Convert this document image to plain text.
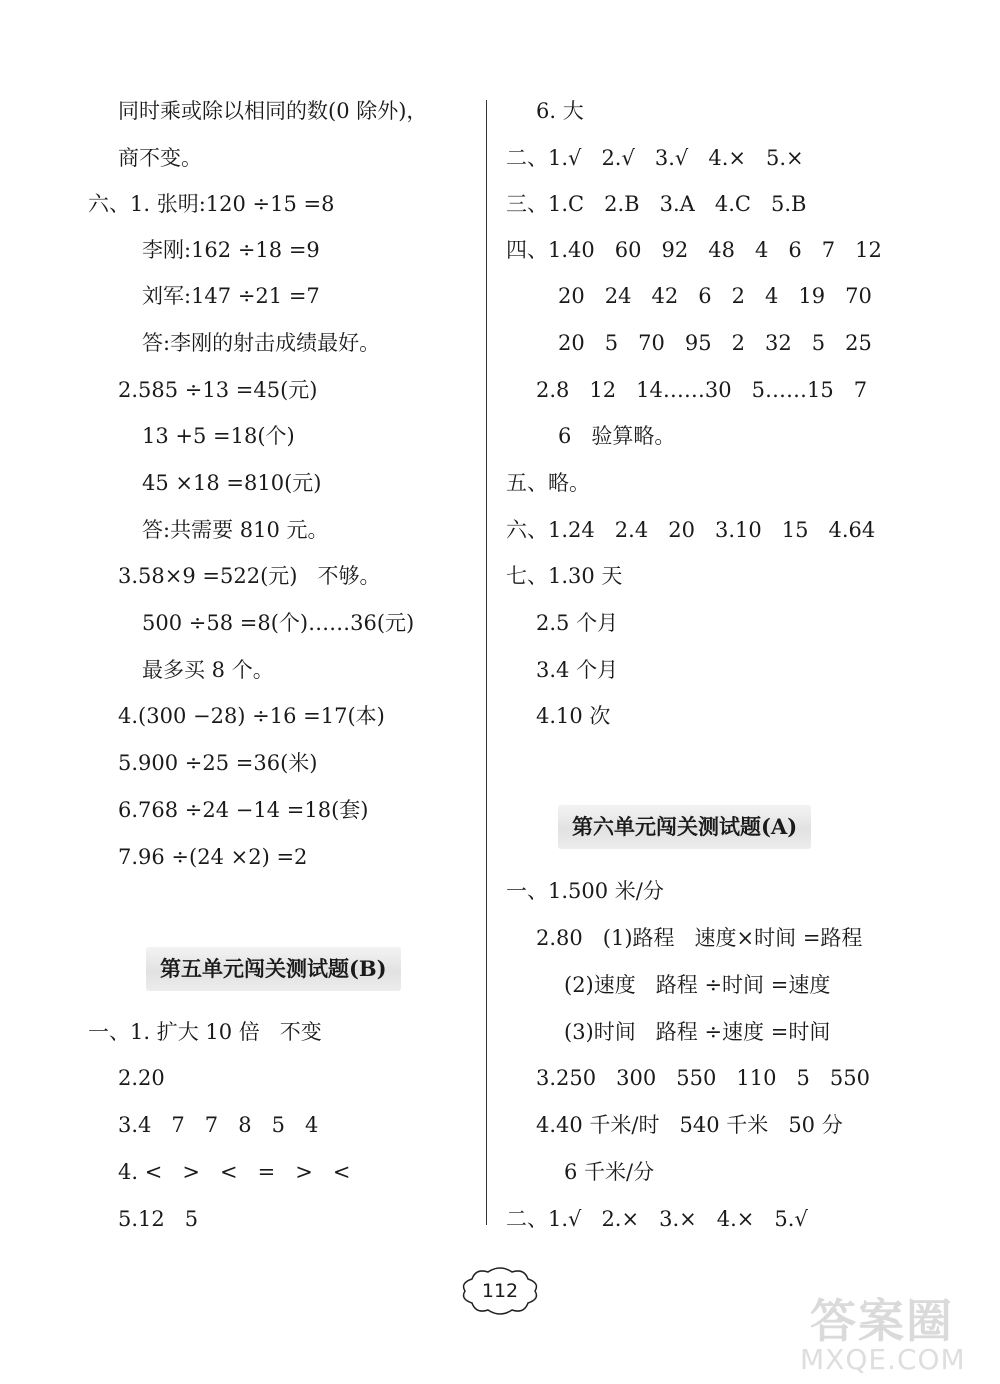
同时乘或除以相同的数(0 除外)，
商不变。
六、1. 张明:120 ÷15 =8
李刚:162 ÷18 =9
刘军:147 ÷21 =7
答:李刚的射击成绩最好。
2.585 ÷13 =45(元)
13 +5 =18(个)
45 ×18 =810(元)
答:共需要 810 元。
3.58×9 =522(元)   不够。
500 ÷58 =8(个)……36(元)
最多买 8 个。
4.(300 −28) ÷16 =17(本)
5.900 ÷25 =36(米)
6.768 ÷24 −14 =18(套)
7.96 ÷(24 ×2) =2
第五单元闯关测试题(B)
一、1. 扩大 10 倍   不变
2.20
3.4   7   7   8   5   4
4. <   >   <   =   >   <
5.12   5
6. 大
二、1.√   2.√   3.√   4.×   5.×
三、1.C   2.B   3.A   4.C   5.B
四、1.40   60   92   48   4   6   7   12
20   24   42   6   2   4   19   70
20   5   70   95   2   32   5   25
2.8   12   14……30   5……15   7
6   验算略。
五、略。
六、1.24   2.4   20   3.10   15   4.64
七、1.30 天
2.5 个月
3.4 个月
4.10 次
第六单元闯关测试题(A)
一、1.500 米/分
2.80   (1)路程   速度×时间 =路程
(2)速度   路程 ÷时间 =速度
(3)时间   路程 ÷速度 =时间
3.250   300   550   110   5   550
4.40 千米/时   540 千米   50 分
6 千米/分
二、1.√   2.×   3.×   4.×   5.√
112
答案圈
MXQE.COM
